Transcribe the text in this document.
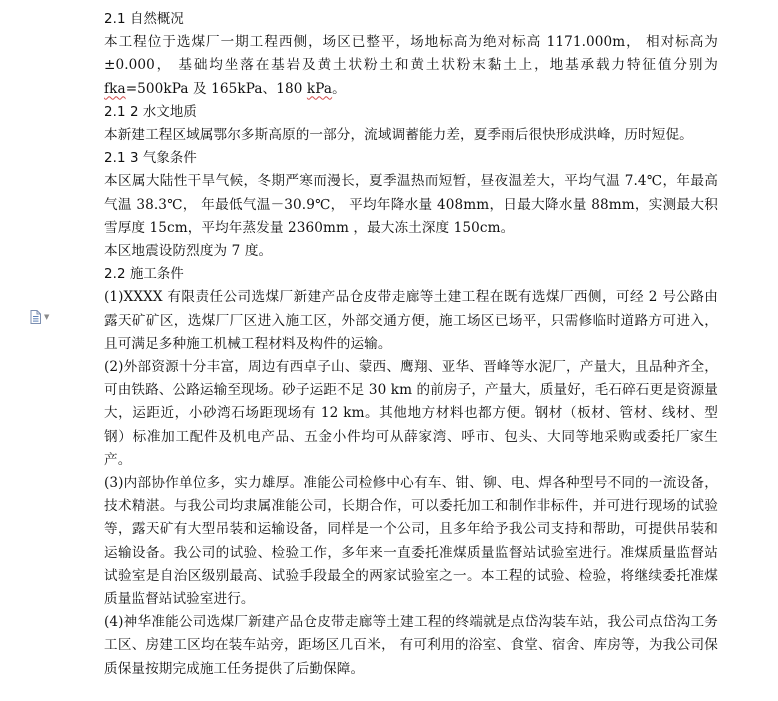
▼

2.1 自然概况

本工程位于选煤厂一期工程西侧，场区已整平，场地标高为绝对标高 1171.000m， 相对标高为±0.000， 基础均坐落在基岩及黄土状粉土和黄土状粉末黏土上，地基承载力特征值分别为 fka=500kPa 及 165kPa、180 kPa。

2.1 2 水文地质

本新建工程区域属鄂尔多斯高原的一部分，流域调蓄能力差，夏季雨后很快形成洪峰，历时短促。

2.1 3 气象条件

本区属大陆性干旱气候，冬期严寒而漫长，夏季温热而短暂，昼夜温差大，平均气温 7.4℃，年最高气温 38.3℃， 年最低气温－30.9℃， 平均年降水量 408mm，日最大降水量 88mm，实测最大积雪厚度 15cm，平均年蒸发量 2360mm ，最大冻土深度 150cm。

本区地震设防烈度为 7 度。

2.2 施工条件

(1)XXXX 有限责任公司选煤厂新建产品仓皮带走廊等土建工程在既有选煤厂西侧，可经 2 号公路由露天矿矿区，选煤厂厂区进入施工区，外部交通方便，施工场区已场平，只需修临时道路方可进入，且可满足多种施工机械工程材料及构件的运输。

(2)外部资源十分丰富，周边有西卓子山、蒙西、鹰翔、亚华、晋峰等水泥厂，产量大，且品种齐全，可由铁路、公路运输至现场。砂子运距不足 30 km 的前房子，产量大，质量好，毛石碎石更是资源量大，运距近，小砂湾石场距现场有 12 km。其他地方材料也都方便。钢材（板材、管材、线材、型钢）标准加工配件及机电产品、五金小件均可从薛家湾、呼市、包头、大同等地采购或委托厂家生产。

(3)内部协作单位多，实力雄厚。准能公司检修中心有车、钳、铆、电、焊各种型号不同的一流设备，技术精湛。与我公司均隶属准能公司，长期合作，可以委托加工和制作非标件，并可进行现场的试验等，露天矿有大型吊装和运输设备，同样是一个公司，且多年给予我公司支持和帮助，可提供吊装和运输设备。我公司的试验、检验工作，多年来一直委托准煤质量监督站试验室进行。准煤质量监督站试验室是自治区级别最高、试验手段最全的两家试验室之一。本工程的试验、检验，将继续委托准煤质量监督站试验室进行。

(4)神华准能公司选煤厂新建产品仓皮带走廊等土建工程的终端就是点岱沟装车站，我公司点岱沟工务工区、房建工区均在装车站旁，距场区几百米， 有可利用的浴室、食堂、宿舍、库房等，为我公司保质保量按期完成施工任务提供了后勤保障。
